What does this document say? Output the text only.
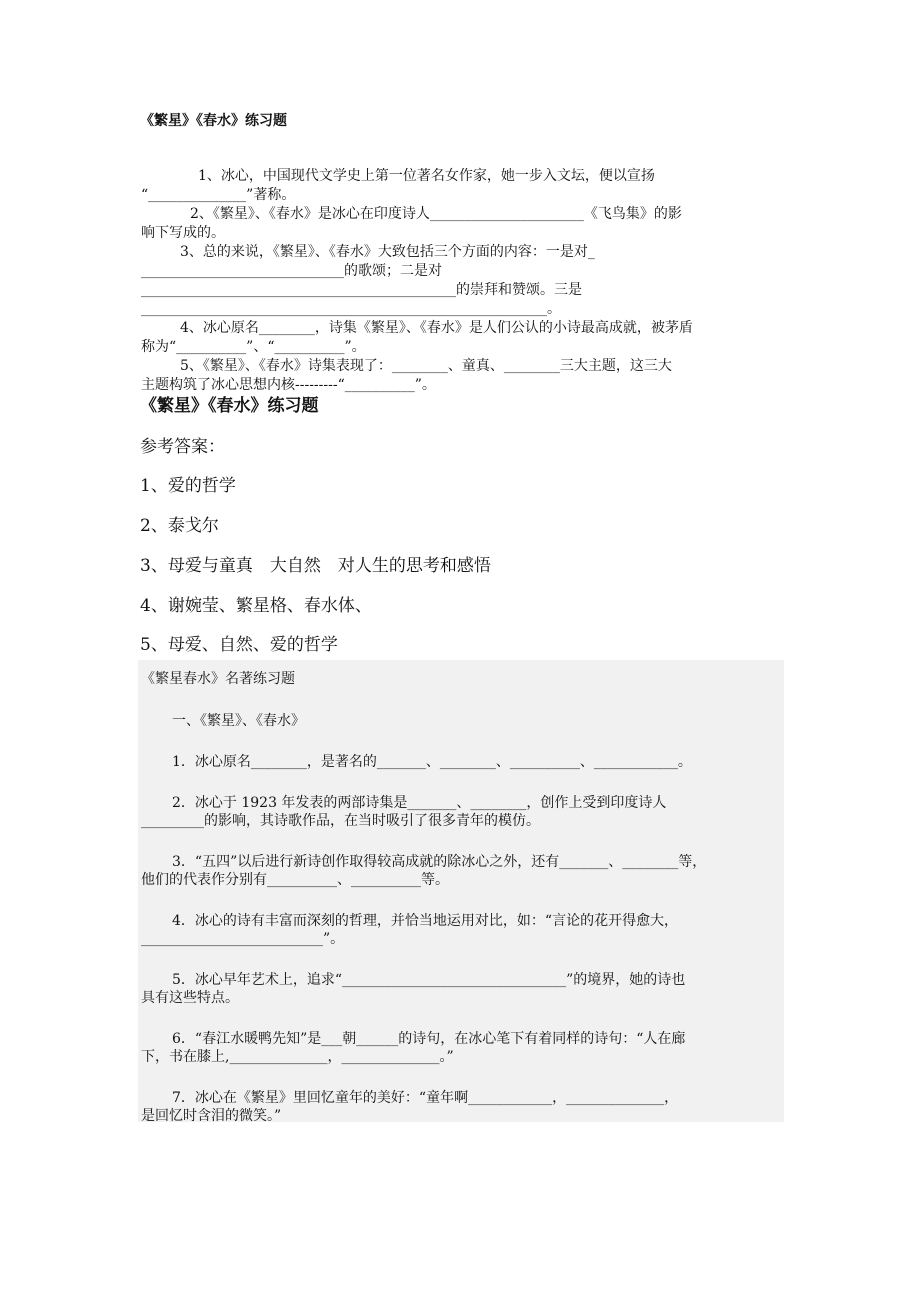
《繁星》《春水》练习题
1、冰心，中国现代文学史上第一位著名女作家，她一步入文坛，便以宣扬
“______________”著称。
2、《繁星》、《春水》是冰心在印度诗人______________________《飞鸟集》的影
响下写成的。
3、总的来说，《繁星》、《春水》大致包括三个方面的内容：一是对_
_____________________________的歌颂；二是对
_____________________________________________的崇拜和赞颂。三是
__________________________________________________________。
4、冰心原名________，诗集《繁星》、《春水》是人们公认的小诗最高成就，被茅盾
称为“__________”、“__________”。
5、《繁星》、《春水》诗集表现了：________、童真、________三大主题，这三大
主题构筑了冰心思想内核---------“__________”。
《繁星》《春水》练习题
参考答案：
1、爱的哲学
2、泰戈尔
3、母爱与童真　大自然　对人生的思考和感悟
4、谢婉莹、繁星格、春水体、
5、母爱、自然、爱的哲学
《繁星春水》名著练习题
一、《繁星》、《春水》
1．冰心原名________，是著名的_______、________、__________、____________。
2．冰心于 1923 年发表的两部诗集是_______、________，创作上受到印度诗人
_________的影响，其诗歌作品，在当时吸引了很多青年的模仿。
3．“五四”以后进行新诗创作取得较高成就的除冰心之外，还有_______、________等，
他们的代表作分别有__________、__________等。
4．冰心的诗有丰富而深刻的哲理，并恰当地运用对比，如：“言论的花开得愈大，
__________________________”。
5．冰心早年艺术上，追求“________________________________”的境界，她的诗也
具有这些特点。
6．“春江水暖鸭先知”是___朝______的诗句，在冰心笔下有着同样的诗句：“人在廊
下，书在膝上,______________，______________。”
7．冰心在《繁星》里回忆童年的美好：“童年啊____________，______________，
是回忆时含泪的微笑。”
